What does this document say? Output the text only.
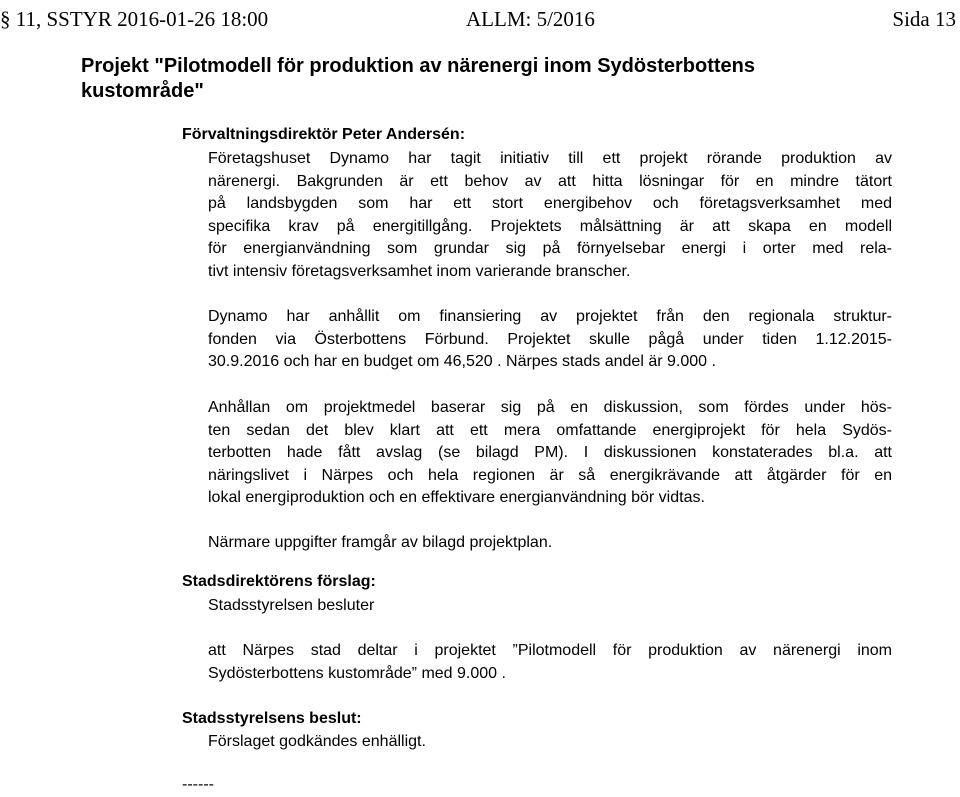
§ 11, SSTYR 2016-01-26 18:00	ALLM: 5/2016	Sida 13
Projekt "Pilotmodell för produktion av närenergi inom Sydösterbottens
kustområde"
Förvaltningsdirektör Peter Andersén:
Företagshuset Dynamo har tagit initiativ till ett projekt rörande produktion av
närenergi. Bakgrunden är ett behov av att hitta lösningar för en mindre tätort
på landsbygden som har ett stort energibehov och företagsverksamhet med
specifika krav på energitillgång. Projektets målsättning är att skapa en modell
för energianvändning som grundar sig på förnyelsebar energi i orter med rela-
tivt intensiv företagsverksamhet inom varierande branscher.
Dynamo har anhållit om finansiering av projektet från den regionala struktur-
fonden via Österbottens Förbund. Projektet skulle pågå under tiden 1.12.2015-
30.9.2016 och har en budget om 46,520 . Närpes stads andel är 9.000 .
Anhållan om projektmedel baserar sig på en diskussion, som fördes under hös-
ten sedan det blev klart att ett mera omfattande energiprojekt för hela Sydös-
terbotten hade fått avslag (se bilagd PM). I diskussionen konstaterades bl.a. att
näringslivet i Närpes och hela regionen är så energikrävande att åtgärder för en
lokal energiproduktion och en effektivare energianvändning bör vidtas.
Närmare uppgifter framgår av bilagd projektplan.
Stadsdirektörens förslag:
Stadsstyrelsen besluter
att Närpes stad deltar i projektet ”Pilotmodell för produktion av närenergi inom
Sydösterbottens kustområde” med 9.000 .
Stadsstyrelsens beslut:
Förslaget godkändes enhälligt.
------
